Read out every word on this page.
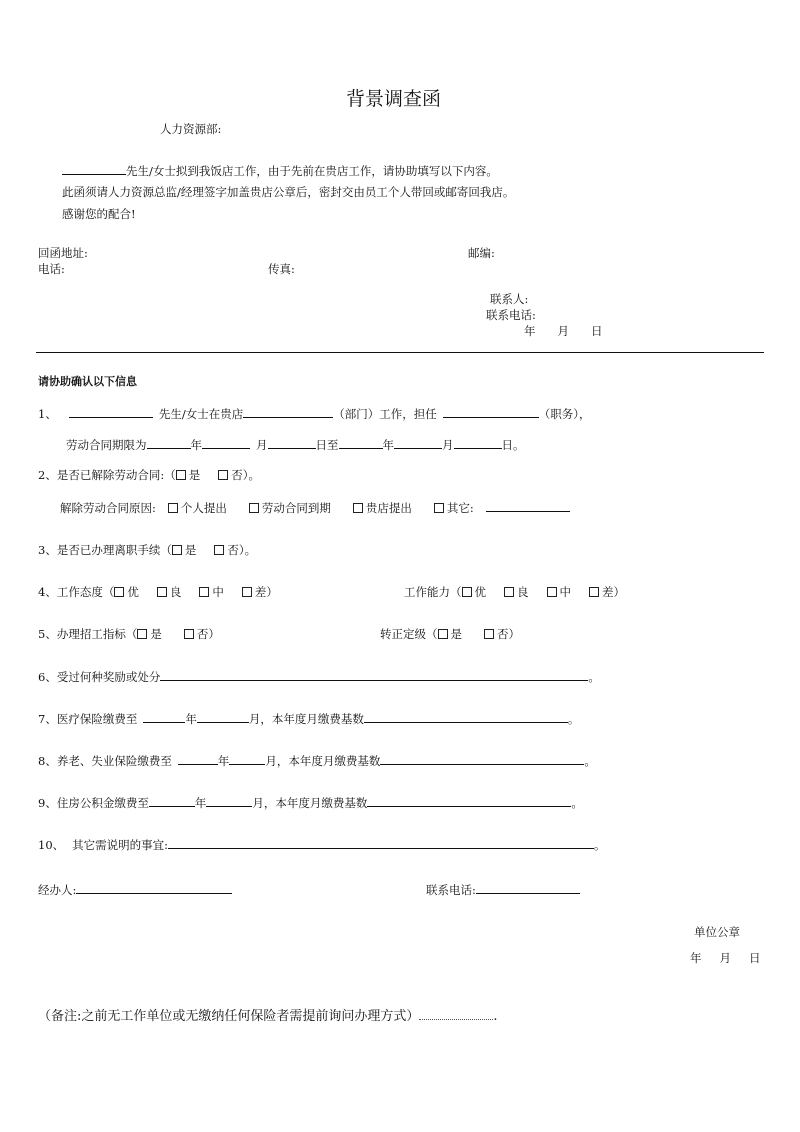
背景调查函
人力资源部:
先生/女士拟到我饭店工作，由于先前在贵店工作，请协助填写以下内容。
此函须请人力资源总监/经理签字加盖贵店公章后，密封交由员工个人带回或邮寄回我店。
感谢您的配合!
回函地址:	邮编:
电话:	传真:
联系人:
联系电话:
年 月 日
请协助确认以下信息
1、	先生/女士在贵店	（部门）工作，担任	（职务），
劳动合同期限为	年	月	日至	年	月	日。
2、是否已解除劳动合同:（ 是	否）。
解除劳动合同原因: 个人提出	劳动合同到期	贵店提出	其它:
3、是否已办理离职手续（ 是	否）。
4、工作态度（ 优	良	中	差）	工作能力（ 优	良	中	差）
5、办理招工指标（ 是	否）	转正定级（ 是	否）
6、受过何种奖励或处分	。
7、医疗保险缴费至	年	月，本年度月缴费基数	。
8、养老、失业保险缴费至	年	月，本年度月缴费基数	。
9、住房公积金缴费至	年	月，本年度月缴费基数	。
10、 其它需说明的事宜:	。
经办人:	联系电话:
单位公章
年 月 日
（备注:之前无工作单位或无缴纳任何保险者需提前询问办理方式）	.
